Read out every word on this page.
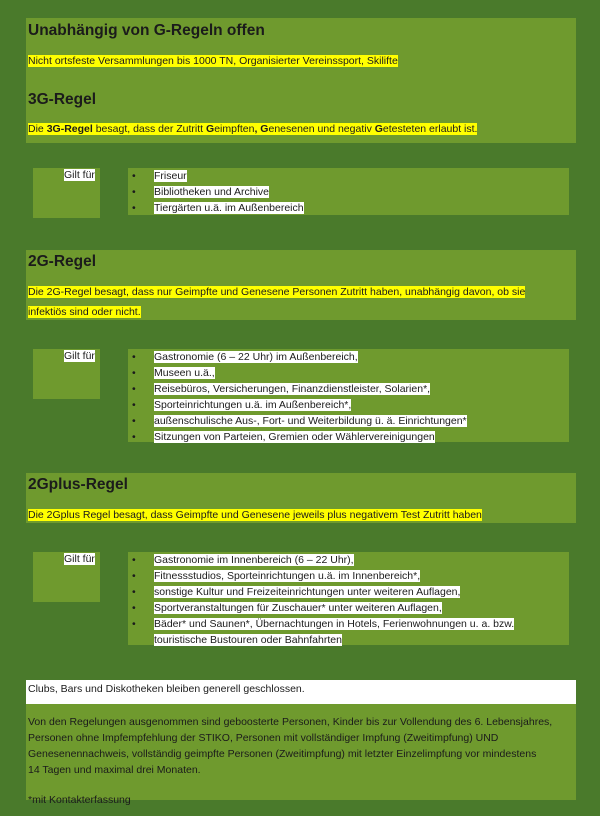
Unabhängig von G-Regeln offen
Nicht ortsfeste Versammlungen bis 1000 TN, Organisierter Vereinssport, Skilifte
3G-Regel
Die 3G-Regel besagt, dass der Zutritt Geimpften, Genesenen und negativ Getesteten erlaubt ist.
Gilt für	• Friseur
• Bibliotheken und Archive
• Tiergärten u.ä. im Außenbereich
2G-Regel
Die 2G-Regel besagt, dass nur Geimpfte und Genesene Personen Zutritt haben, unabhängig davon, ob sie
infektiös sind oder nicht.
Gilt für	• Gastronomie (6 – 22 Uhr) im Außenbereich,
• Museen u.ä.,
• Reisebüros, Versicherungen, Finanzdienstleister, Solarien*,
• Sporteinrichtungen u.ä. im Außenbereich*,
• außenschulische Aus-, Fort- und Weiterbildung ü. ä. Einrichtungen*
• Sitzungen von Parteien, Gremien oder Wählervereinigungen
2Gplus-Regel
Die 2Gplus Regel besagt, dass Geimpfte und Genesene jeweils plus negativem Test Zutritt haben
Gilt für	• Gastronomie im Innenbereich (6 – 22 Uhr),
• Fitnessstudios, Sporteinrichtungen u.ä. im Innenbereich*,
• sonstige Kultur und Freizeiteinrichtungen unter weiteren Auflagen,
• Sportveranstaltungen für Zuschauer* unter weiteren Auflagen,
• Bäder* und Saunen*, Übernachtungen in Hotels, Ferienwohnungen u. a. bzw.
touristische Bustouren oder Bahnfahrten
Clubs, Bars und Diskotheken bleiben generell geschlossen.
Von den Regelungen ausgenommen sind geboosterte Personen, Kinder bis zur Vollendung des 6. Lebensjahres,
Personen ohne Impfempfehlung der STIKO, Personen mit vollständiger Impfung (Zweitimpfung) UND
Genesenennachweis, vollständig geimpfte Personen (Zweitimpfung) mit letzter Einzelimpfung vor mindestens
14 Tagen und maximal drei Monaten.
*mit Kontakterfassung
